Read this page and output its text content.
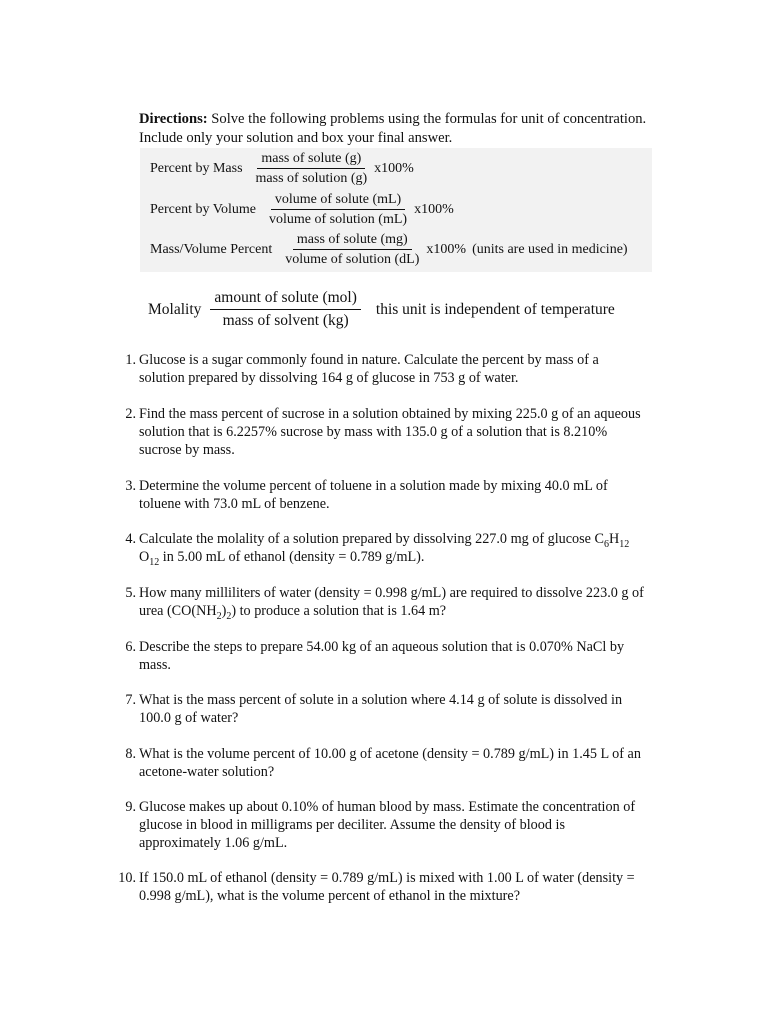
Directions: Solve the following problems using the formulas for unit of concentration.
Include only your solution and box your final answer.
Percent by Mass $\frac{\text{mass of solute (g)}}{\text{mass of solution (g)}} x100\%$
Percent by Volume $\frac{\text{volume of solute (mL)}}{\text{volume of solution (mL)}} x100\%$
Mass/Volume Percent $\frac{\text{mass of solute (mg)}}{\text{volume of solution (dL)}} x100\%$ (units are used in medicine)
Molality $\frac{\text{amount of solute (mol)}}{\text{mass of solvent (kg)}}$ this unit is independent of temperature
1. Glucose is a sugar commonly found in nature. Calculate the percent by mass of a
solution prepared by dissolving 164 g of glucose in 753 g of water.
2. Find the mass percent of sucrose in a solution obtained by mixing 225.0 g of an aqueous
solution that is 6.2257% sucrose by mass with 135.0 g of a solution that is 8.210%
sucrose by mass.
3. Determine the volume percent of toluene in a solution made by mixing 40.0 mL of
toluene with 73.0 mL of benzene.
4. Calculate the molality of a solution prepared by dissolving 227.0 mg of glucose $C_6H_{12}$
$O_{12}$ in 5.00 mL of ethanol (density = 0.789 g/mL).
5. How many milliliters of water (density = 0.998 g/mL) are required to dissolve 223.0 g of
urea $(CO(NH_2)_2)$ to produce a solution that is 1.64 m?
6. Describe the steps to prepare 54.00 kg of an aqueous solution that is 0.070% NaCl by
mass.
7. What is the mass percent of solute in a solution where 4.14 g of solute is dissolved in
100.0 g of water?
8. What is the volume percent of 10.00 g of acetone (density = 0.789 g/mL) in 1.45 L of an
acetone-water solution?
9. Glucose makes up about 0.10% of human blood by mass. Estimate the concentration of
glucose in blood in milligrams per deciliter. Assume the density of blood is
approximately 1.06 g/mL.
10. If 150.0 mL of ethanol (density = 0.789 g/mL) is mixed with 1.00 L of water (density =
0.998 g/mL), what is the volume percent of ethanol in the mixture?
